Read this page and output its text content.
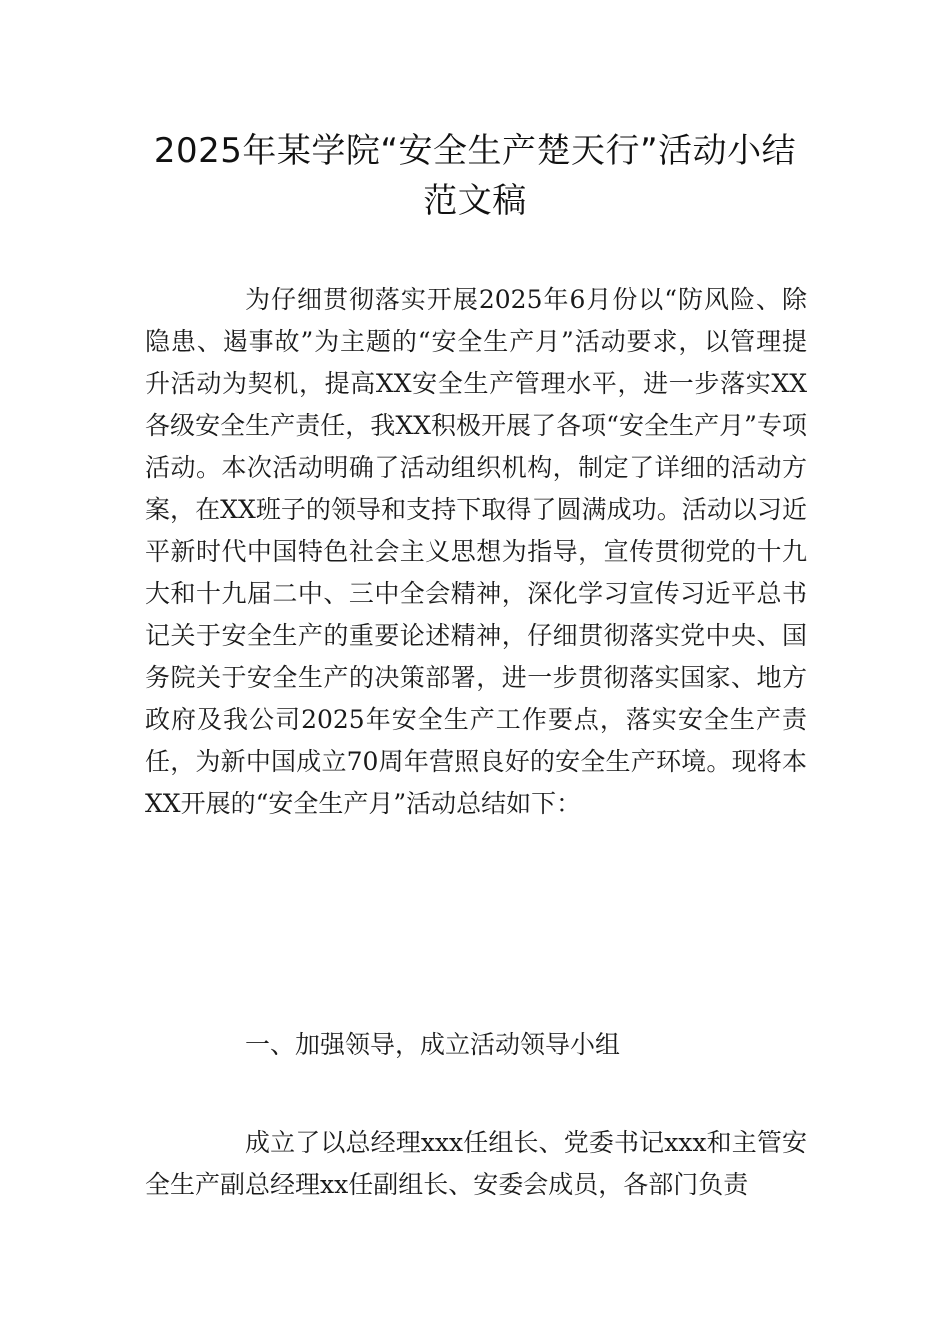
2025年某学院“安全生产楚天行”活动小结范文稿

为仔细贯彻落实开展2025年6月份以“防风险、除隐患、遏事故”为主题的“安全生产月”活动要求，以管理提升活动为契机，提高XX安全生产管理水平，进一步落实XX各级安全生产责任，我XX积极开展了各项“安全生产月”专项活动。本次活动明确了活动组织机构，制定了详细的活动方案，在XX班子的领导和支持下取得了圆满成功。活动以习近平新时代中国特色社会主义思想为指导，宣传贯彻党的十九大和十九届二中、三中全会精神，深化学习宣传习近平总书记关于安全生产的重要论述精神，仔细贯彻落实党中央、国务院关于安全生产的决策部署，进一步贯彻落实国家、地方政府及我公司2025年安全生产工作要点，落实安全生产责任，为新中国成立70周年营照良好的安全生产环境。现将本XX开展的“安全生产月”活动总结如下：

一、加强领导，成立活动领导小组

成立了以总经理xxx任组长、党委书记xxx和主管安全生产副总经理xx任副组长、安委会成员，各部门负责
